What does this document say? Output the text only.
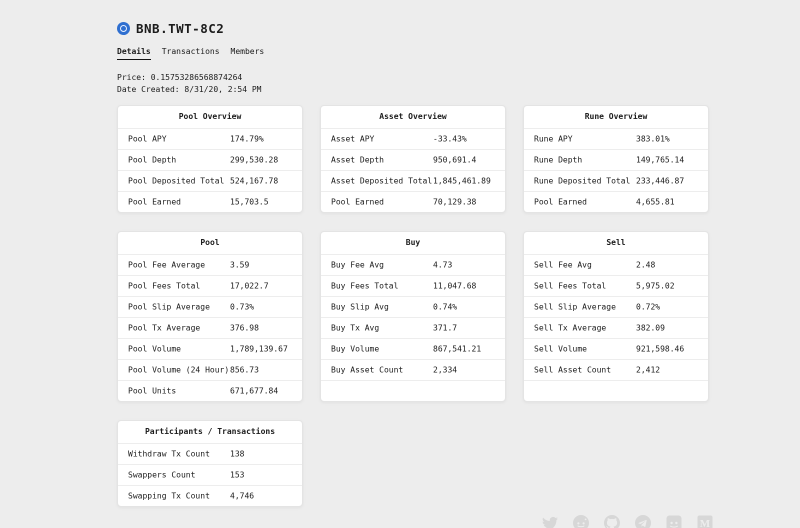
BNB.TWT-8C2
Details Transactions Members
Price: 0.15753286568874264
Date Created: 8/31/20, 2:54 PM
Pool Overview
Pool APY	174.79%
Pool Depth	299,530.28
Pool Deposited Total 524,167.78
Pool Earned	15,703.5
Asset Overview
Asset APY	-33.43%
Asset Depth	950,691.4
Asset Deposited Total 1,845,461.89
Pool Earned	70,129.38
Rune Overview
Rune APY	383.01%
Rune Depth	149,765.14
Rune Deposited Total 233,446.87
Pool Earned	4,655.81
Pool
Pool Fee Average	3.59
Pool Fees Total	17,022.7
Pool Slip Average	0.73%
Pool Tx Average	376.98
Pool Volume	1,789,139.67
Pool Volume (24 Hour) 856.73
Pool Units	671,677.84
Buy
Buy Fee Avg	4.73
Buy Fees Total	11,047.68
Buy Slip Avg	0.74%
Buy Tx Avg	371.7
Buy Volume	867,541.21
Buy Asset Count	2,334
Sell
Sell Fee Avg	2.48
Sell Fees Total	5,975.02
Sell Slip Average	0.72%
Sell Tx Average	382.09
Sell Volume	921,598.46
Sell Asset Count	2,412
Participants / Transactions
Withdraw Tx Count	138
Swappers Count	153
Swapping Tx Count	4,746
M
